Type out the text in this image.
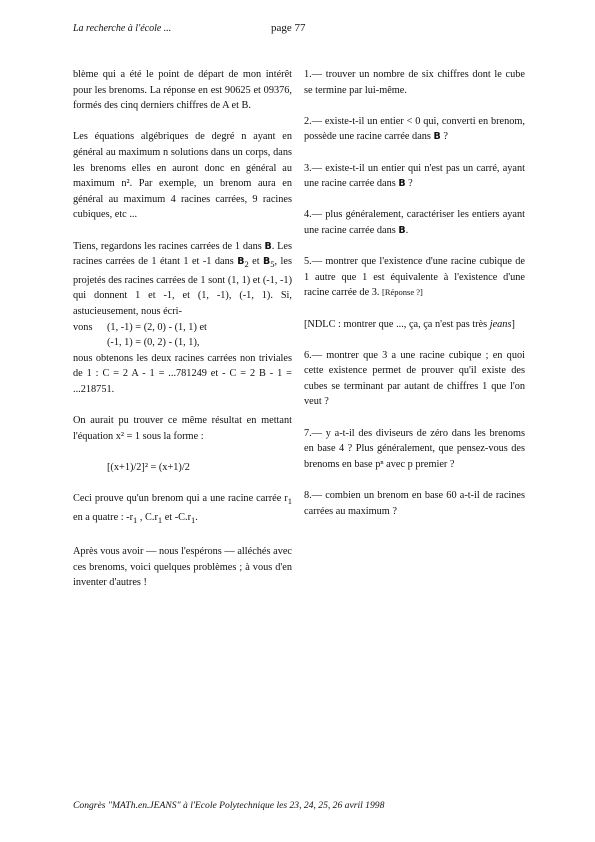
La recherche à l'école ...	page 77

blème qui a été le point de départ de mon intérêt pour les brenoms. La réponse en est 90625 et 09376, formés des cinq derniers chiffres de A et B.

Les équations algébriques de degré n ayant en général au maximum n solutions dans un corps, dans les brenoms elles en auront donc en général au maximum n². Par exemple, un brenom aura en général au maximum 4 racines carrées, 9 racines cubiques, etc ...

Tiens, regardons les racines carrées de 1 dans B. Les racines carrées de 1 étant 1 et -1 dans $B_2$ et $B_5$, les projetés des racines carrées de 1 sont (1, 1) et (-1, -1) qui donnent 1 et -1, et (1, -1), (-1, 1). Si, astucieusement, nous écri-

vons (1, -1) = (2, 0) - (1, 1) et
(-1, 1) = (0, 2) - (1, 1),

nous obtenons les deux racines carrées non triviales de 1 : C = 2 A - 1 = ...781249 et - C = 2 B - 1 = ...218751.

On aurait pu trouver ce même résultat en mettant l'équation x² = 1 sous la forme :

[(x+1)/2]² = (x+1)/2

Ceci prouve qu'un brenom qui a une racine carrée $r_1$ en a quatre : $-r_1$ , $C.r_1$ et $-C.r_1$.

Après vous avoir — nous l'espérons — alléchés avec ces brenoms, voici quelques problèmes ; à vous d'en inventer d'autres !

1.— trouver un nombre de six chiffres dont le cube se termine par lui-même.

2.— existe-t-il un entier < 0 qui, converti en brenom, possède une racine carrée dans B ?

3.— existe-t-il un entier qui n'est pas un carré, ayant une racine carrée dans B ?

4.— plus généralement, caractériser les entiers ayant une racine carrée dans B.

5.— montrer que l'existence d'une racine cubique de 1 autre que 1 est équivalente à l'existence d'une racine carrée de 3. [Réponse ?]

[NDLC : montrer que ..., ça, ça n'est pas très jeans]

6.— montrer que 3 a une racine cubique ; en quoi cette existence permet de prouver qu'il existe des cubes se terminant par autant de chiffres 1 que l'on veut ?

7.— y a-t-il des diviseurs de zéro dans les brenoms en base 4 ? Plus généralement, que pensez-vous des brenoms en base pⁿ avec p premier ?

8.— combien un brenom en base 60 a-t-il de racines carrées au maximum ?

Congrès "MATh.en.JEANS" à l'Ecole Polytechnique les 23, 24, 25, 26 avril 1998
